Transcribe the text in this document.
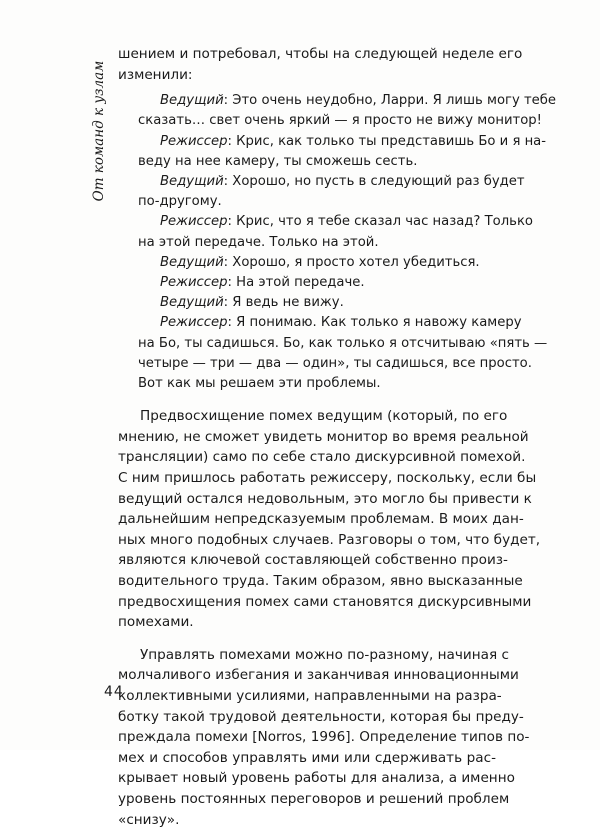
От команд к узлам
шением и потребовал, чтобы на следующей неделе его
изменили:
Ведущий: Это очень неудобно, Ларри. Я лишь могу тебе
сказать… свет очень яркий — я просто не вижу монитор!
Режиссер: Крис, как только ты представишь Бо и я на-
веду на нее камеру, ты сможешь сесть.
Ведущий: Хорошо, но пусть в следующий раз будет
по-другому.
Режиссер: Крис, что я тебе сказал час назад? Только
на этой передаче. Только на этой.
Ведущий: Хорошо, я просто хотел убедиться.
Режиссер: На этой передаче.
Ведущий: Я ведь не вижу.
Режиссер: Я понимаю. Как только я навожу камеру
на Бо, ты садишься. Бо, как только я отсчитываю «пять —
четыре — три — два — один», ты садишься, все просто.
Вот как мы решаем эти проблемы.
Предвосхищение помех ведущим (который, по его
мнению, не сможет увидеть монитор во время реальной
трансляции) само по себе стало дискурсивной помехой.
С ним пришлось работать режиссеру, поскольку, если бы
ведущий остался недовольным, это могло бы привести к
дальнейшим непредсказуемым проблемам. В моих дан-
ных много подобных случаев. Разговоры о том, что будет,
являются ключевой составляющей собственно произ-
водительного труда. Таким образом, явно высказанные
предвосхищения помех сами становятся дискурсивными
помехами.
Управлять помехами можно по-разному, начиная с
молчаливого избегания и заканчивая инновационными
коллективными усилиями, направленными на разра-
ботку такой трудовой деятельности, которая бы преду-
преждала помехи [Norros, 1996]. Определение типов по-
мех и способов управлять ими или сдерживать рас-
крывает новый уровень работы для анализа, а именно
уровень постоянных переговоров и решений проблем
«снизу».
44
